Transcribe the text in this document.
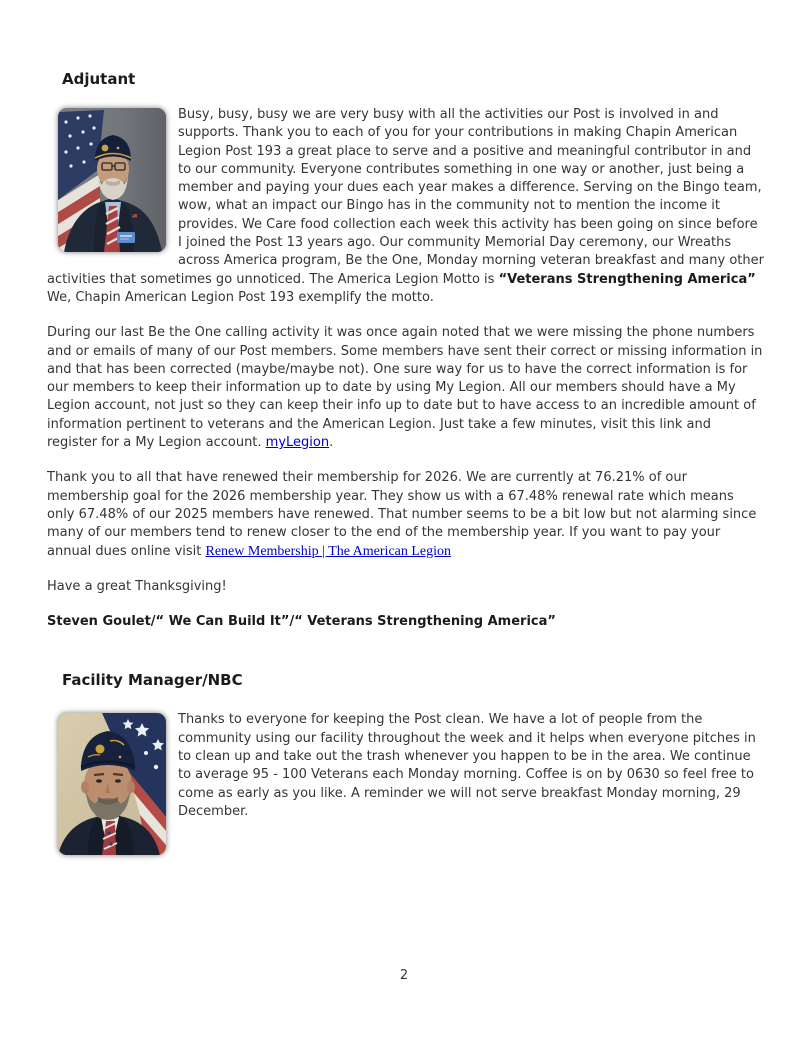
Adjutant

Busy, busy, busy we are very busy with all the activities our Post is involved in and supports. Thank you to each of you for your contributions in making Chapin American Legion Post 193 a great place to serve and a positive and meaningful contributor in and to our community. Everyone contributes something in one way or another, just being a member and paying your dues each year makes a difference. Serving on the Bingo team, wow, what an impact our Bingo has in the community not to mention the income it provides. We Care food collection each week this activity has been going on since before I joined the Post 13 years ago. Our community Memorial Day ceremony, our Wreaths across America program, Be the One, Monday morning veteran breakfast and many other activities that sometimes go unnoticed. The America Legion Motto is “Veterans Strengthening America” We, Chapin American Legion Post 193 exemplify the motto.

During our last Be the One calling activity it was once again noted that we were missing the phone numbers and or emails of many of our Post members. Some members have sent their correct or missing information in and that has been corrected (maybe/maybe not). One sure way for us to have the correct information is for our members to keep their information up to date by using My Legion. All our members should have a My Legion account, not just so they can keep their info up to date but to have access to an incredible amount of information pertinent to veterans and the American Legion. Just take a few minutes, visit this link and register for a My Legion account. myLegion.

Thank you to all that have renewed their membership for 2026. We are currently at 76.21% of our membership goal for the 2026 membership year. They show us with a 67.48% renewal rate which means only 67.48% of our 2025 members have renewed. That number seems to be a bit low but not alarming since many of our members tend to renew closer to the end of the membership year. If you want to pay your annual dues online visit Renew Membership | The American Legion

Have a great Thanksgiving!

Steven Goulet/“ We Can Build It”/“ Veterans Strengthening America”

Facility Manager/NBC

Thanks to everyone for keeping the Post clean. We have a lot of people from the community using our facility throughout the week and it helps when everyone pitches in to clean up and take out the trash whenever you happen to be in the area. We continue to average 95 - 100 Veterans each Monday morning. Coffee is on by 0630 so feel free to come as early as you like. A reminder we will not serve breakfast Monday morning, 29 December.

2
